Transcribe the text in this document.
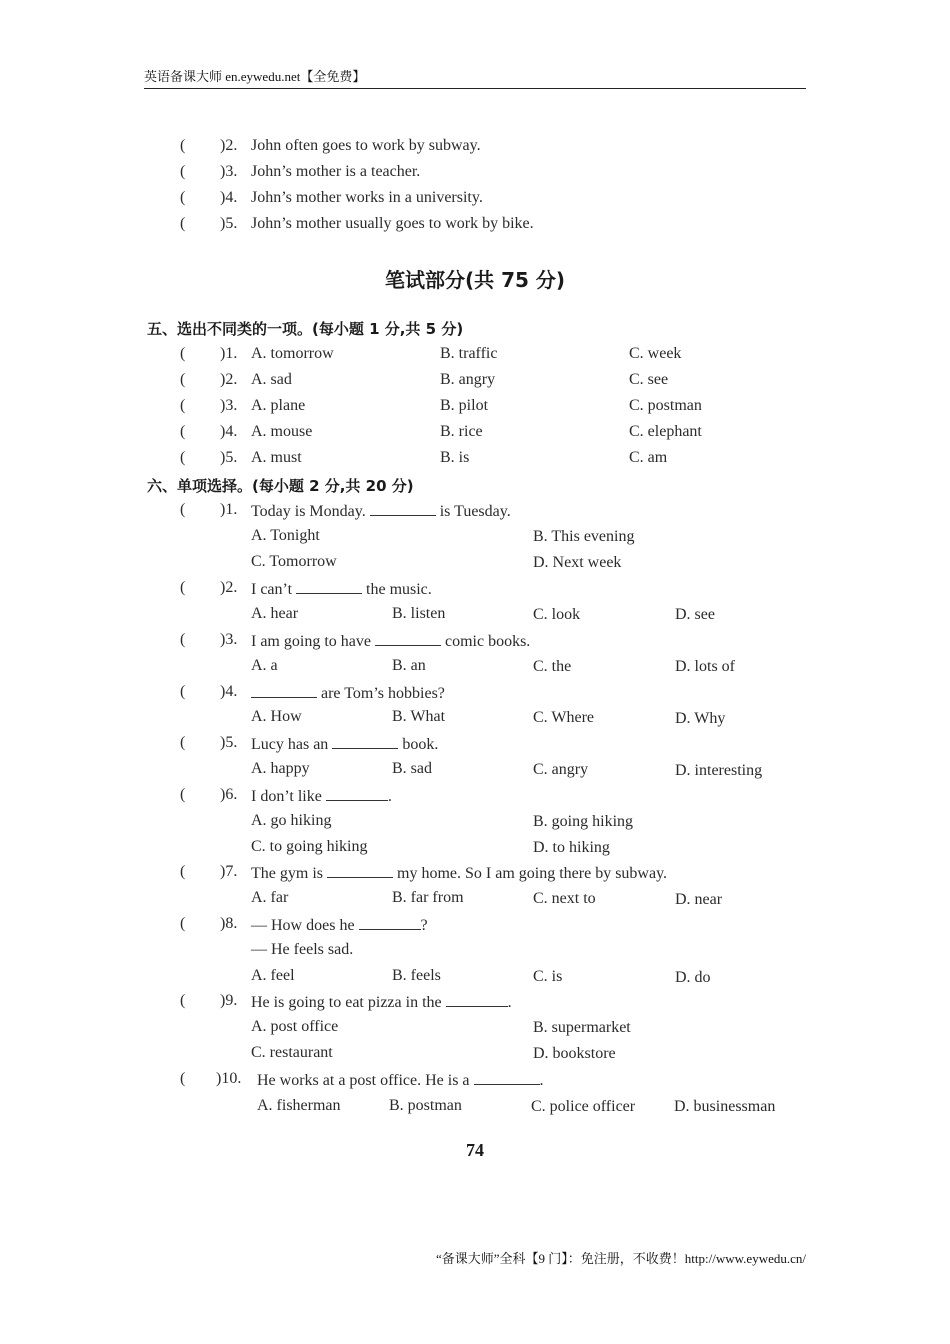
英语备课大师 en.eywedu.net【全免费】
( )2. John often goes to work by subway.
( )3. John’s mother is a teacher.
( )4. John’s mother works in a university.
( )5. John’s mother usually goes to work by bike.
笔试部分(共 75 分)
五、选出不同类的一项。(每小题 1 分,共 5 分)
( )1. A. tomorrow	B. traffic	C. week
( )2. A. sad	B. angry	C. see
( )3. A. plane	B. pilot	C. postman
( )4. A. mouse	B. rice	C. elephant
( )5. A. must	B. is	C. am
六、单项选择。(每小题 2 分,共 20 分)
( )1. Today is Monday.	is Tuesday.
A. Tonight	B. This evening
C. Tomorrow	D. Next week
( )2. I can’t	the music.
A. hear	B. listen	C. look	D. see
( )3. I am going to have	comic books.
A. a	B. an	C. the	D. lots of
( )4.	are Tom’s hobbies?
A. How	B. What	C. Where	D. Why
( )5. Lucy has an	book.
A. happy	B. sad	C. angry	D. interesting
( )6. I don’t like	.
A. go hiking	B. going hiking
C. to going hiking	D. to hiking
( )7. The gym is	my home. So I am going there by subway.
A. far	B. far from	C. next to	D. near
( )8. — How does he	?
— He feels sad.
A. feel	B. feels	C. is	D. do
( )9. He is going to eat pizza in the	.
A. post office	B. supermarket
C. restaurant	D. bookstore
( )10. He works at a post office. He is a	.
A. fisherman	B. postman	C. police officer D. businessman
74
“备课大师”全科【9 门】：免注册，不收费！http://www.eywedu.cn/
